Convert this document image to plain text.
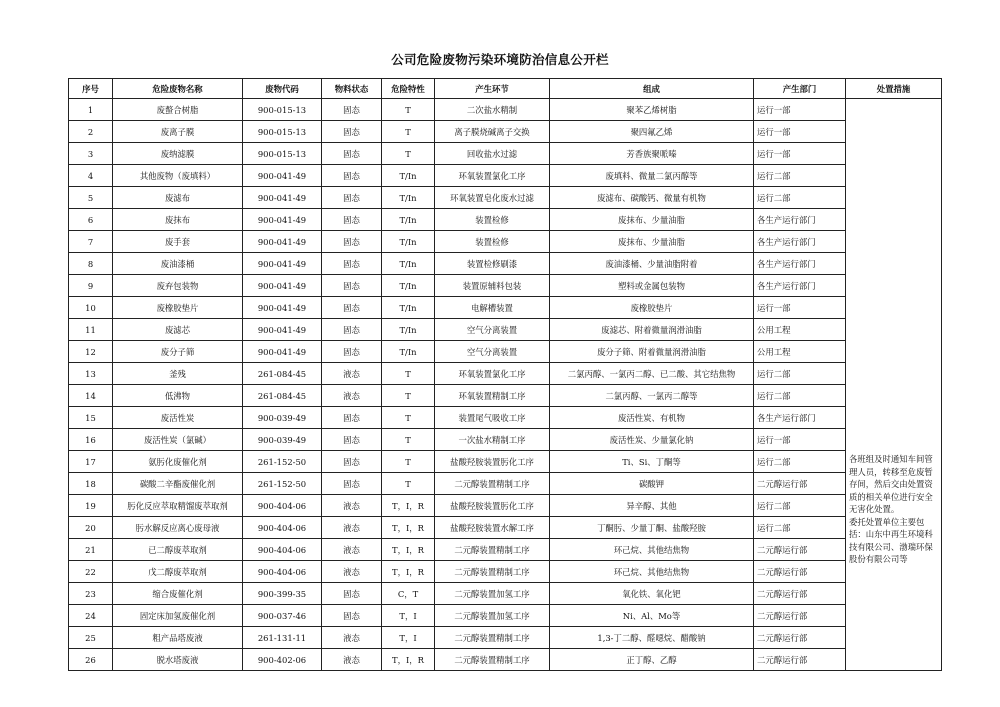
公司危险废物污染环境防治信息公开栏
序号	危险废物名称	废物代码	物料状态	危险特性	产生环节	组成	产生部门	处置措施
1	废螯合树脂	900-015-13	固态	T	二次盐水精制	聚苯乙烯树脂	运行一部	各班组及时通知车间管理人员，转移至危废暂存间，然后交由处置资质的相关单位进行安全无害化处置。
委托处置单位主要包括：山东中再生环境科技有限公司、渤瑞环保股份有限公司等

2	废离子膜	900-015-13	固态	T	离子膜烧碱离子交换	聚四氟乙烯	运行一部	
3	废纳滤膜	900-015-13	固态	T	回收盐水过滤	芳香族聚哌嗪	运行一部	
4	其他废物（废填料）	900-041-49	固态	T/In	环氧装置氯化工序	废填料、微量二氯丙醇等	运行二部	
5	废滤布	900-041-49	固态	T/In	环氧装置皂化废水过滤	废滤布、碳酸钙、微量有机物	运行二部	
6	废抹布	900-041-49	固态	T/In	装置检修	废抹布、少量油脂	各生产运行部门	
7	废手套	900-041-49	固态	T/In	装置检修	废抹布、少量油脂	各生产运行部门	
8	废油漆桶	900-041-49	固态	T/In	装置检修刷漆	废油漆桶、少量油脂附着	各生产运行部门	
9	废弃包装物	900-041-49	固态	T/In	装置原辅料包装	塑料或金属包装物	各生产运行部门	
10	废橡胶垫片	900-041-49	固态	T/In	电解槽装置	废橡胶垫片	运行一部	
11	废滤芯	900-041-49	固态	T/In	空气分离装置	废滤芯、附着微量润滑油脂	公用工程	
12	废分子筛	900-041-49	固态	T/In	空气分离装置	废分子筛、附着微量润滑油脂	公用工程	
13	釜残	261-084-45	液态	T	环氧装置氯化工序	二氯丙醇、一氯丙二醇、已二酸、其它结焦物	运行二部	
14	低沸物	261-084-45	液态	T	环氧装置精制工序	二氯丙醇、一氯丙二醇等	运行二部	
15	废活性炭	900-039-49	固态	T	装置尾气吸收工序	废活性炭、有机物	各生产运行部门	
16	废活性炭（氯碱）	900-039-49	固态	T	一次盐水精制工序	废活性炭、少量氯化钠	运行一部	
17	氨肟化废催化剂	261-152-50	固态	T	盐酸羟胺装置肟化工序	Ti、Si、丁酮等	运行二部	
18	碳酸二辛酯废催化剂	261-152-50	固态	T	二元醇装置精制工序	碳酸钾	二元醇运行部	
19	肟化反应萃取精馏废萃取剂	900-404-06	液态	T，I，R	盐酸羟胺装置肟化工序	异辛醇、其他	运行二部	
20	肟水解反应离心废母液	900-404-06	液态	T，I，R	盐酸羟胺装置水解工序	丁酮肟、少量丁酮、盐酸羟胺	运行二部	
21	已二醇废萃取剂	900-404-06	液态	T，I，R	二元醇装置精制工序	环己烷、其他结焦物	二元醇运行部	
22	戊二醇废萃取剂	900-404-06	液态	T，I，R	二元醇装置精制工序	环己烷、其他结焦物	二元醇运行部	
23	缩合废催化剂	900-399-35	固态	C，T	二元醇装置加氢工序	氧化铁、氧化钯	二元醇运行部	
24	固定床加氢废催化剂	900-037-46	固态	T，I	二元醇装置加氢工序	Ni、Al、Mo等	二元醇运行部	
25	粗产品塔废液	261-131-11	液态	T，I	二元醇装置精制工序	1,3-丁二醇、醛噁烷、醋酸钠	二元醇运行部	
26	脱水塔废液	900-402-06	液态	T，I，R	二元醇装置精制工序	正丁醇、乙醇	二元醇运行部	
